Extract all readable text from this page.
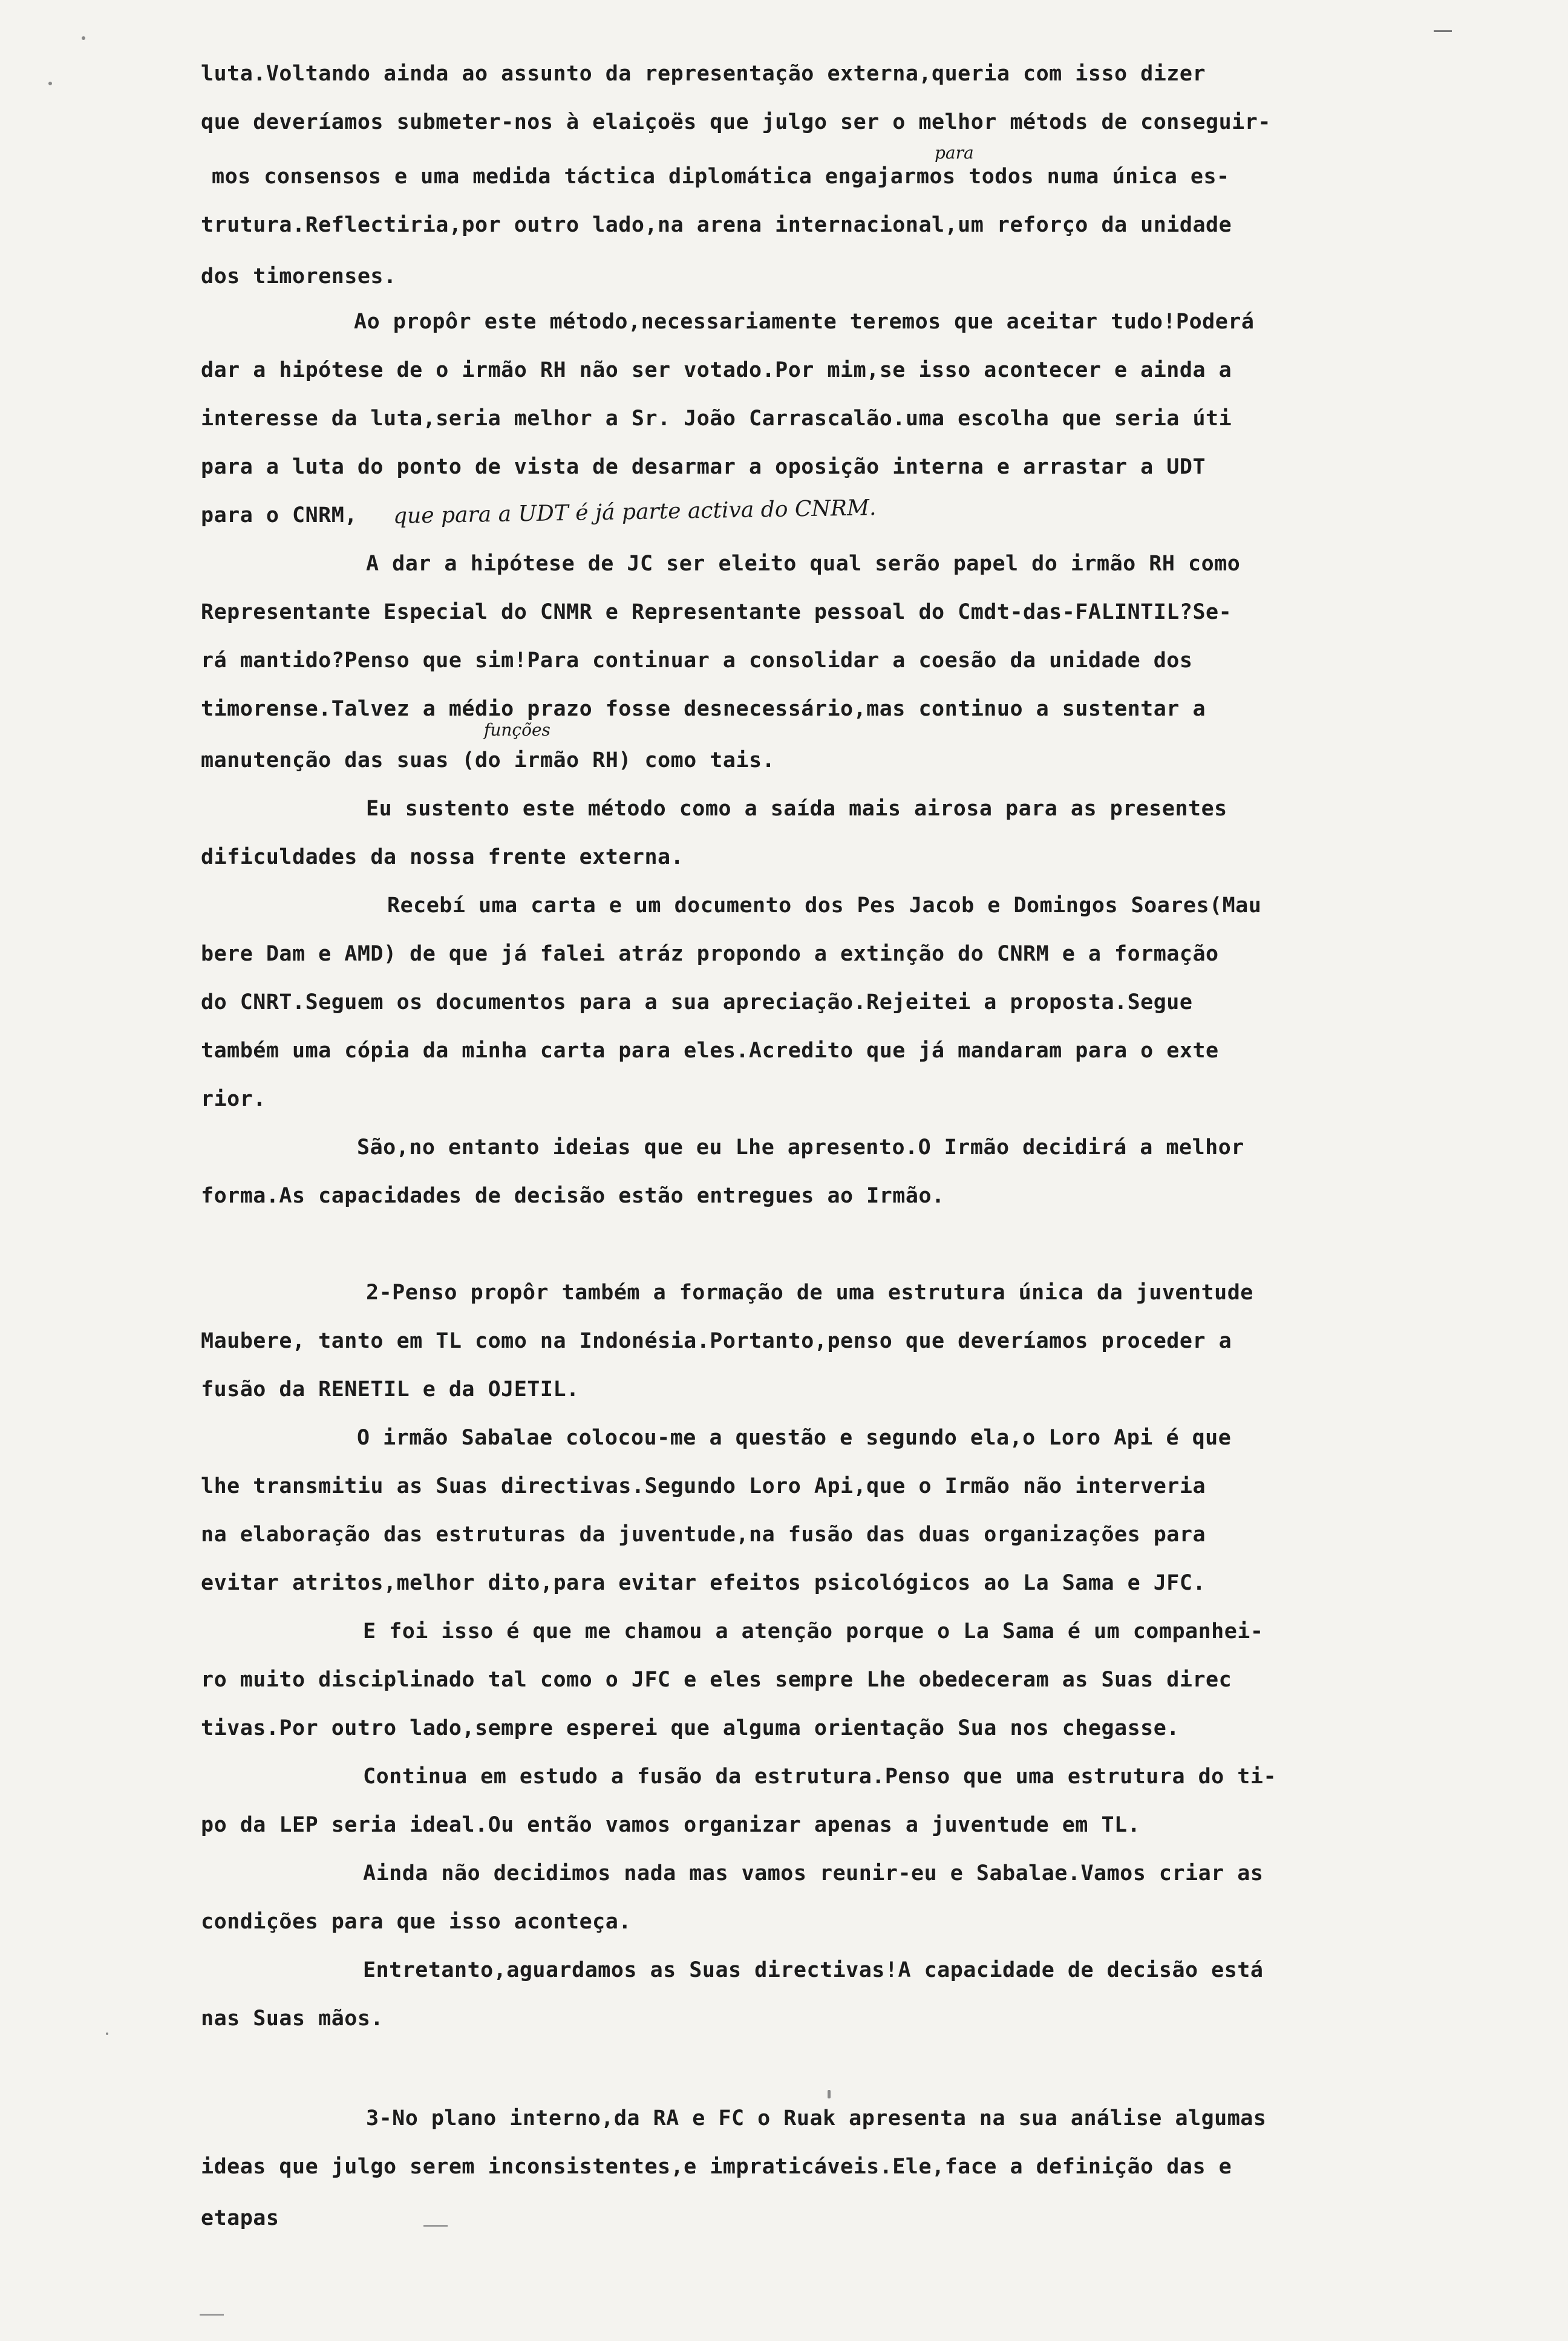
luta.Voltando ainda ao assunto da representação externa,queria com isso dizer
que deveríamos submeter-nos à elaiçoës que julgo ser o melhor métods de conseguir-
mos consensos e uma medida táctica diplomática engajarmos todos numa única es-
trutura.Reflectiria,por outro lado,na arena internacional,um reforço da unidade
dos timorenses.
Ao propôr este método,necessariamente teremos que aceitar tudo!Poderá
dar a hipótese de o irmão RH não ser votado.Por mim,se isso acontecer e ainda a
interesse da luta,seria melhor a Sr. João Carrascalão.uma escolha que seria úti
para a luta do ponto de vista de desarmar a oposição interna e arrastar a UDT
para o CNRM,
A dar a hipótese de JC ser eleito qual serão papel do irmão RH como
Representante Especial do CNMR e Representante pessoal do Cmdt-das-FALINTIL?Se-
rá mantido?Penso que sim!Para continuar a consolidar a coesão da unidade dos
timorense.Talvez a médio prazo fosse desnecessário,mas continuo a sustentar a
manutenção das suas (do irmão RH) como tais.
Eu sustento este método como a saída mais airosa para as presentes
dificuldades da nossa frente externa.
Recebí uma carta e um documento dos Pes Jacob e Domingos Soares(Mau
bere Dam e AMD) de que já falei atráz propondo a extinção do CNRM e a formação
do CNRT.Seguem os documentos para a sua apreciação.Rejeitei a proposta.Segue
também uma cópia da minha carta para eles.Acredito que já mandaram para o exte
rior.
São,no entanto ideias que eu Lhe apresento.O Irmão decidirá a melhor
forma.As capacidades de decisão estão entregues ao Irmão.
2-Penso propôr também a formação de uma estrutura única da juventude
Maubere, tanto em TL como na Indonésia.Portanto,penso que deveríamos proceder a
fusão da RENETIL e da OJETIL.
O irmão Sabalae colocou-me a questão e segundo ela,o Loro Api é que
lhe transmitiu as Suas directivas.Segundo Loro Api,que o Irmão não interveria
na elaboração das estruturas da juventude,na fusão das duas organizações para
evitar atritos,melhor dito,para evitar efeitos psicológicos ao La Sama e JFC.
E foi isso é que me chamou a atenção porque o La Sama é um companhei-
ro muito disciplinado tal como o JFC e eles sempre Lhe obedeceram as Suas direc
tivas.Por outro lado,sempre esperei que alguma orientação Sua nos chegasse.
Continua em estudo a fusão da estrutura.Penso que uma estrutura do ti-
po da LEP seria ideal.Ou então vamos organizar apenas a juventude em TL.
Ainda não decidimos nada mas vamos reunir-eu e Sabalae.Vamos criar as
condições para que isso aconteça.
Entretanto,aguardamos as Suas directivas!A capacidade de decisão está
nas Suas mãos.
3-No plano interno,da RA e FC o Ruak apresenta na sua análise algumas
ideas que julgo serem inconsistentes,e impraticáveis.Ele,face a definição das e
etapas
para
que para a UDT é já parte activa do CNRM.
funções
